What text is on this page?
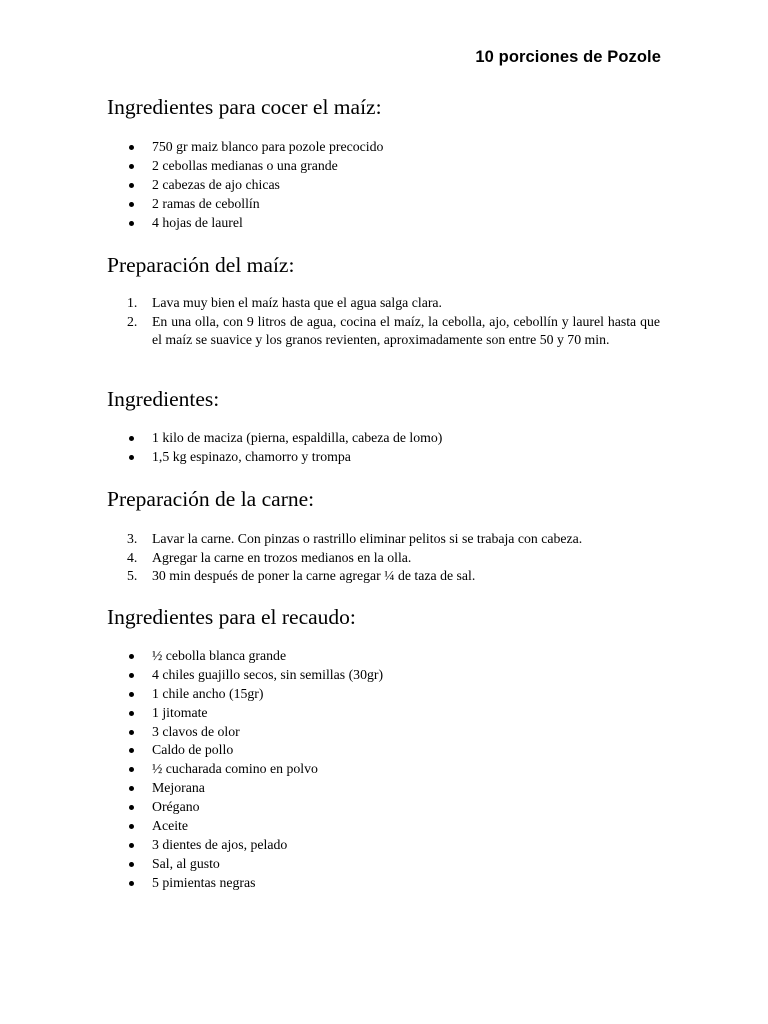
10 porciones de Pozole
Ingredientes para cocer el maíz:
750 gr maiz blanco para pozole precocido
2 cebollas medianas o una grande
2 cabezas de ajo chicas
2 ramas de cebollín
4 hojas de laurel
Preparación del maíz:
1. Lava muy bien el maíz hasta que el agua salga clara.
2. En una olla, con 9 litros de agua, cocina el maíz, la cebolla, ajo, cebollín y laurel hasta que el maíz se suavice y los granos revienten, aproximadamente son entre 50 y 70 min.
Ingredientes:
1 kilo de maciza (pierna, espaldilla, cabeza de lomo)
1,5 kg espinazo, chamorro y trompa
Preparación de la carne:
3. Lavar la carne. Con pinzas o rastrillo eliminar pelitos si se trabaja con cabeza.
4. Agregar la carne en trozos medianos en la olla.
5. 30 min después de poner la carne agregar ¼ de taza de sal.
Ingredientes para el recaudo:
½ cebolla blanca grande
4 chiles guajillo secos, sin semillas (30gr)
1 chile ancho (15gr)
1 jitomate
3 clavos de olor
Caldo de pollo
½ cucharada comino en polvo
Mejorana
Orégano
Aceite
3 dientes de ajos, pelado
Sal, al gusto
5 pimientas negras
